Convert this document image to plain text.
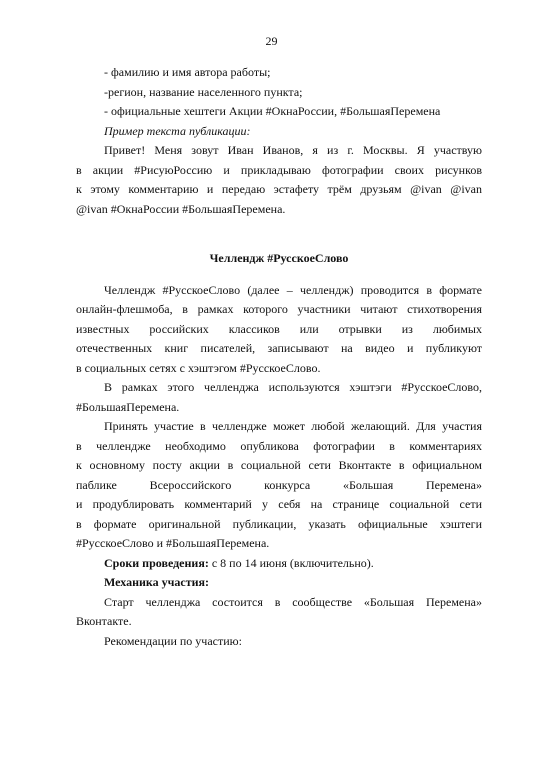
29

- фамилию и имя автора работы;

-регион, название населенного пункта;

- официальные хештеги Акции #ОкнаРоссии, #БольшаяПеремена

Пример текста публикации:

Привет! Меня зовут Иван Иванов, я из г. Москвы. Я участвую

в акции #РисуюРоссию и прикладываю фотографии своих рисунков

к этому комментарию и передаю эстафету трём друзьям @ivan @ivan

@ivan #ОкнаРоссии #БольшаяПеремена.

Челлендж #РусскоеСлово

Челлендж #РусскоеСлово (далее – челлендж) проводится в формате

онлайн-флешмоба, в рамках которого участники читают стихотворения

известных российских классиков или отрывки из любимых

отечественных книг писателей, записывают на видео и публикуют

в социальных сетях с хэштэгом #РусскоеСлово.

В рамках этого челленджа используются хэштэги #РусскоеСлово,

#БольшаяПеремена.

Принять участие в челлендже может любой желающий. Для участия

в челлендже необходимо опубликова фотографии в комментариях

к основному посту акции в социальной сети Вконтакте в официальном

паблике Всероссийского конкурса «Большая Перемена»

и продублировать комментарий у себя на странице социальной сети

в формате оригинальной публикации, указать официальные хэштеги

#РусскоеСлово и #БольшаяПеремена.

Сроки проведения: с 8 по 14 июня (включительно).

Механика участия:

Старт челленджа состоится в сообществе «Большая Перемена»

Вконтакте.

Рекомендации по участию:
